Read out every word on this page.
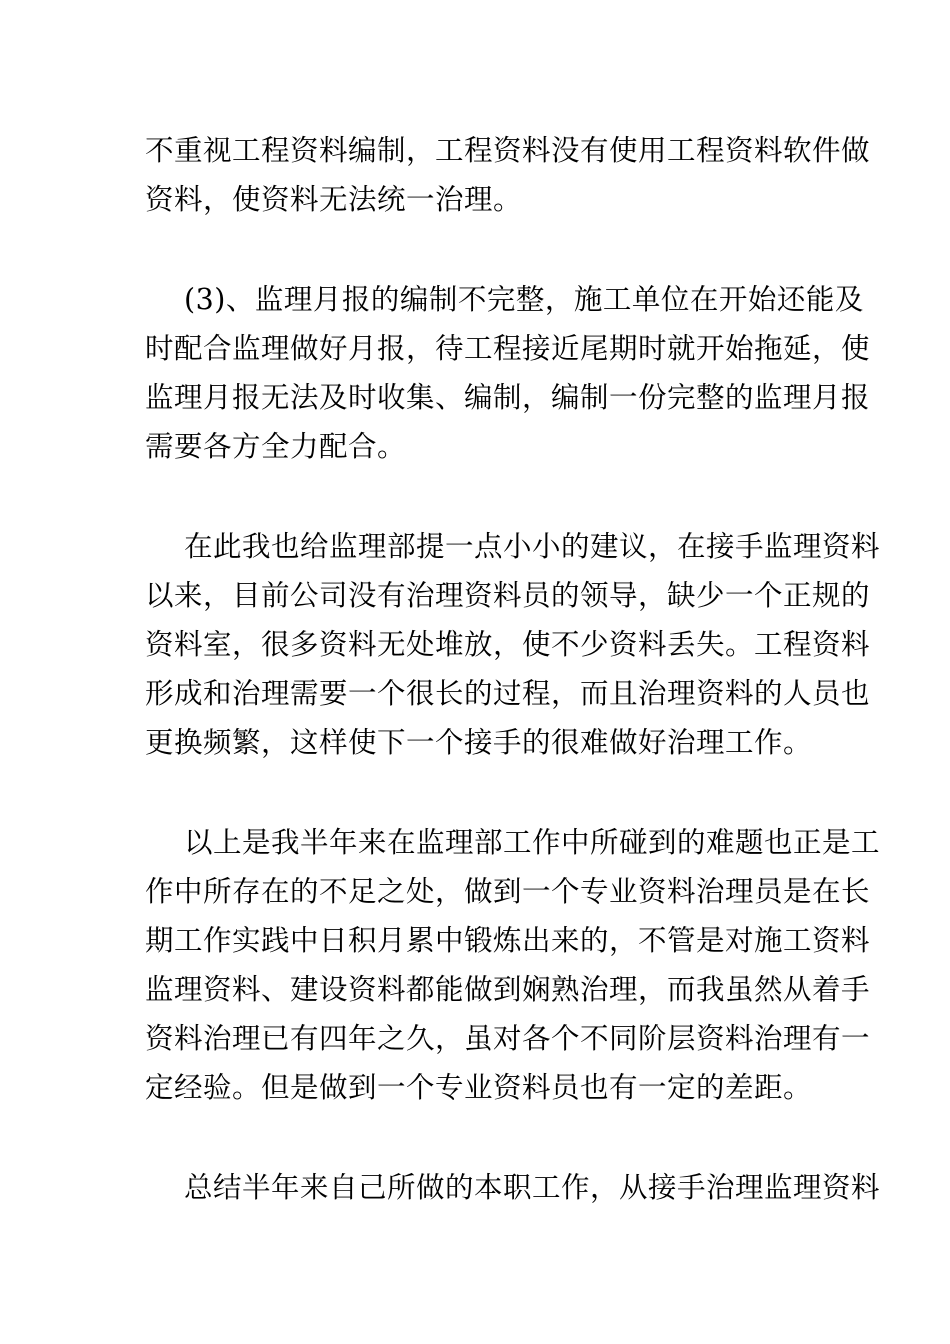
不重视工程资料编制，工程资料没有使用工程资料软件做
资料，使资料无法统一治理。
(3)、监理月报的编制不完整，施工单位在开始还能及
时配合监理做好月报，待工程接近尾期时就开始拖延，使
监理月报无法及时收集、编制，编制一份完整的监理月报
需要各方全力配合。
在此我也给监理部提一点小小的建议，在接手监理资料
以来，目前公司没有治理资料员的领导，缺少一个正规的
资料室，很多资料无处堆放，使不少资料丢失。工程资料
形成和治理需要一个很长的过程，而且治理资料的人员也
更换频繁，这样使下一个接手的很难做好治理工作。
以上是我半年来在监理部工作中所碰到的难题也正是工
作中所存在的不足之处，做到一个专业资料治理员是在长
期工作实践中日积月累中锻炼出来的，不管是对施工资料
监理资料、建设资料都能做到娴熟治理，而我虽然从着手
资料治理已有四年之久，虽对各个不同阶层资料治理有一
定经验。但是做到一个专业资料员也有一定的差距。
总结半年来自己所做的本职工作，从接手治理监理资料
